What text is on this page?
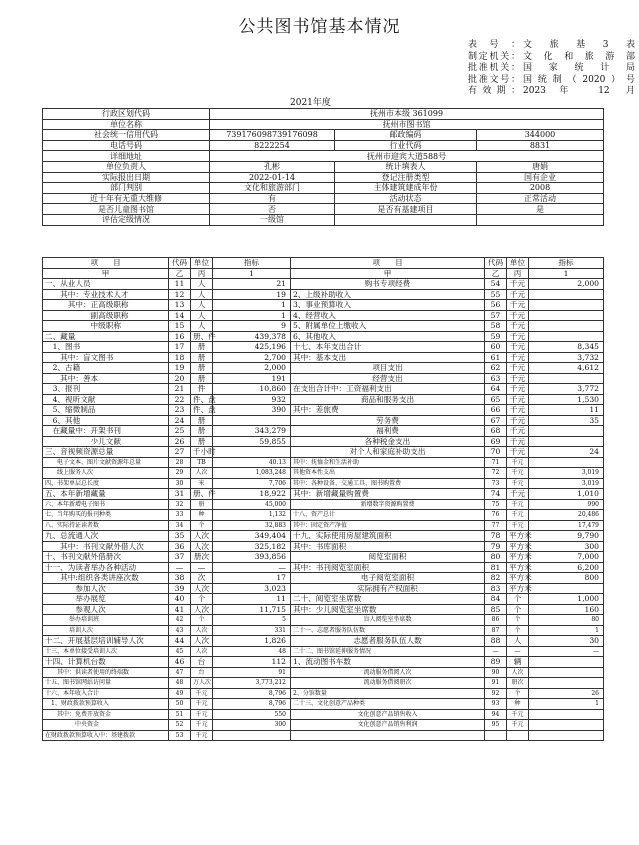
公共图书馆基本情况
表号： 文旅基3表
制定机关： 文化和旅游部
批准机关： 国家统计局
批准文号： 国统制（2020）号
有效期： 2023年 12 月
2021年度
行政区划代码	抚州市本级 361099		
单位名称	抚州市图书馆		
社会统一信用代码	739176098739176098	邮政编码	344000
电话号码	8222254	行业代码	8831
详细地址	抚州市迎宾大道588号		
单位负责人	孔彬	统计填表人	唐娟
实际报出日期	2022-01-14	登记注册类型	国有企业
部门判别	文化和旅游部门	主体建筑建成年份	2008
近十年有无重大维修	有	活动状态	正常活动
是否儿童图书馆	否	是否有基建项目	是
评估定级情况	一级馆		
项　　目	代码	单位	指标	项　　目	代码	单位	指标
甲	乙	丙	1	甲	乙	丙	1
一、从业人员	11	人	21	购书专项经费	54	千元	2,000
　　其中：专业技术人才	12	人	19	2、上级补助收入	55	千元	
　　　其中：正高级职称	13	人	1	3、事业预算收入	56	千元	
　　　　　　副高级职称	14	人	1	4、经营收入	57	千元	
　　　　　　中级职称	15	人	9	5、附属单位上缴收入	58	千元	
二、藏量	16	册、件	439,378	6、其他收入	59	千元	
　1、图书	17	册	425,196	十七、本年支出合计	60	千元	8,345
　　其中：盲文图书	18	册	2,700	其中：基本支出	61	千元	3,732
　2、古籍	19	册	2,000	项目支出	62	千元	4,612
　　其中：善本	20	册	191	经营支出	63	千元	
　3、报刊	21	件	10,860	在支出合计中：工资福利支出	64	千元	3,772
　4、视听文献	22	件、盘	932	商品和服务支出	65	千元	1,530
　5、缩微制品	23	件、盘	390	其中：差旅费	66	千元	11
　6、其他	24	册		劳务费	67	千元	35
　在藏量中：开架书刊	25	册	343,279	福利费	68	千元	
　　　　　　少儿文献	26	册	59,855	各种税金支出	69	千元	
三、音视频资源总量	27	千小时		对个人和家庭补助支出	70	千元	24
　　电子文本、图片文献资源年总量	28	TB	40.13	其中：抚恤金和生活补助	71	千元	
　　线上服务人次	29	人次	1,083,248	其他资本性支出	72	千元	3,019
四、书架单层总长度	30	米	7,706	其中：各种设备、交通工具、图书购置费	73	千元	3,019
五、本年新增藏量	31	册、件	18,922	其中：新增藏量购置费	74	千元	1,010
六、本年新增电子图书	32	册	45,000	新增数字资源购置费	75	千元	990
七、当年购买的报刊种类	33	种	1,132	十八、资产总计	76	千元	20,486
八、实际持证读者数	34	个	32,883	其中：固定资产净值	77	千元	17,479
九、总流通人次	35	人次	349,404	十九、实际使用房屋建筑面积	78	平方米	9,790
　　其中：书刊文献外借人次	36	人次	325,182	其中：书库面积	79	平方米	300
十、书刊文献外借册次	37	册次	393,856	阅览室面积	80	平方米	7,000
十一、为读者举办各种活动	—	—	—	其中：书刊阅览室面积	81	平方米	6,200
　　其中:组织各类讲座次数	38	次	17	电子阅览室面积	82	平方米	800
　　　　参加人次	39	人次	3,023	实际拥有产权面积	83	平方米	
　　　　举办展览	40	个	11	二十、阅览室坐席数	84	个	1,000
　　　　参观人次	41	人次	11,715	其中：少儿阅览室坐席数	85	个	160
　　　　举办培训班	42	个	5	盲人阅览室坐席数	86	个	80
　　　　培训人次	43	人次	331	二十一、志愿者服务队伍数	87	个	1
十二、开展基层培训辅导人次	44	人次	1,826	志愿者服务队伍人数	88	人	30
十三、本单位接受培训人次	45	人次	48	二十二、图书馆延伸服务情况	—	—	—
十四、计算机台数	46	台	112	1、流动图书车数	89	辆	
　　其中：供读者使用的终端数	47	台	91	流动服务借阅人次	90	人次	
十五、图书馆网站访问量	48	万人次	3,773,212	流动服务借阅册次	91	册次	
十六、本年收入合计	49	千元	8,796	2、分馆数量	92	个	26
　1、财政拨款预算收入	50	千元	8,796	二十三、文化创意产品种类	93	种	1
　　其中：免费开放资金	51	千元	550	文化创意产品销售收入	94	千元	
　　　　　中央资金	52	千元	300	文化创意产品销售利润	95	千元	
在财政拨款预算收入中：基建拨款	53	千元					
